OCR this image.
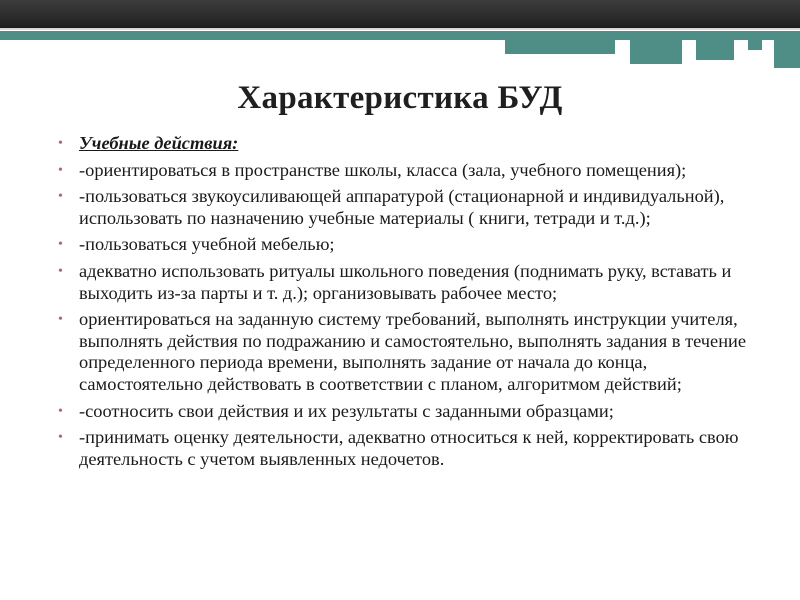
Характеристика БУД
• Учебные действия:
• -ориентироваться в пространстве школы, класса (зала, учебного помещения);
• -пользоваться звукоусиливающей аппаратурой (стационарной и индивидуальной), использовать по назначению учебные материалы ( книги, тетради и т.д.);
• -пользоваться учебной мебелью;
• адекватно использовать ритуалы школьного поведения (поднимать руку, вставать и выходить из-за парты и т. д.); организовывать рабочее место;
• ориентироваться на заданную систему требований, выполнять инструкции учителя, выполнять действия по подражанию и самостоятельно, выполнять задания в течение определенного периода времени, выполнять задание от начала до конца, самостоятельно действовать в соответствии с планом, алгоритмом действий;
• -соотносить свои действия и их результаты с заданными образцами;
• -принимать оценку деятельности, адекватно относиться к ней, корректировать свою деятельность с учетом выявленных недочетов.
